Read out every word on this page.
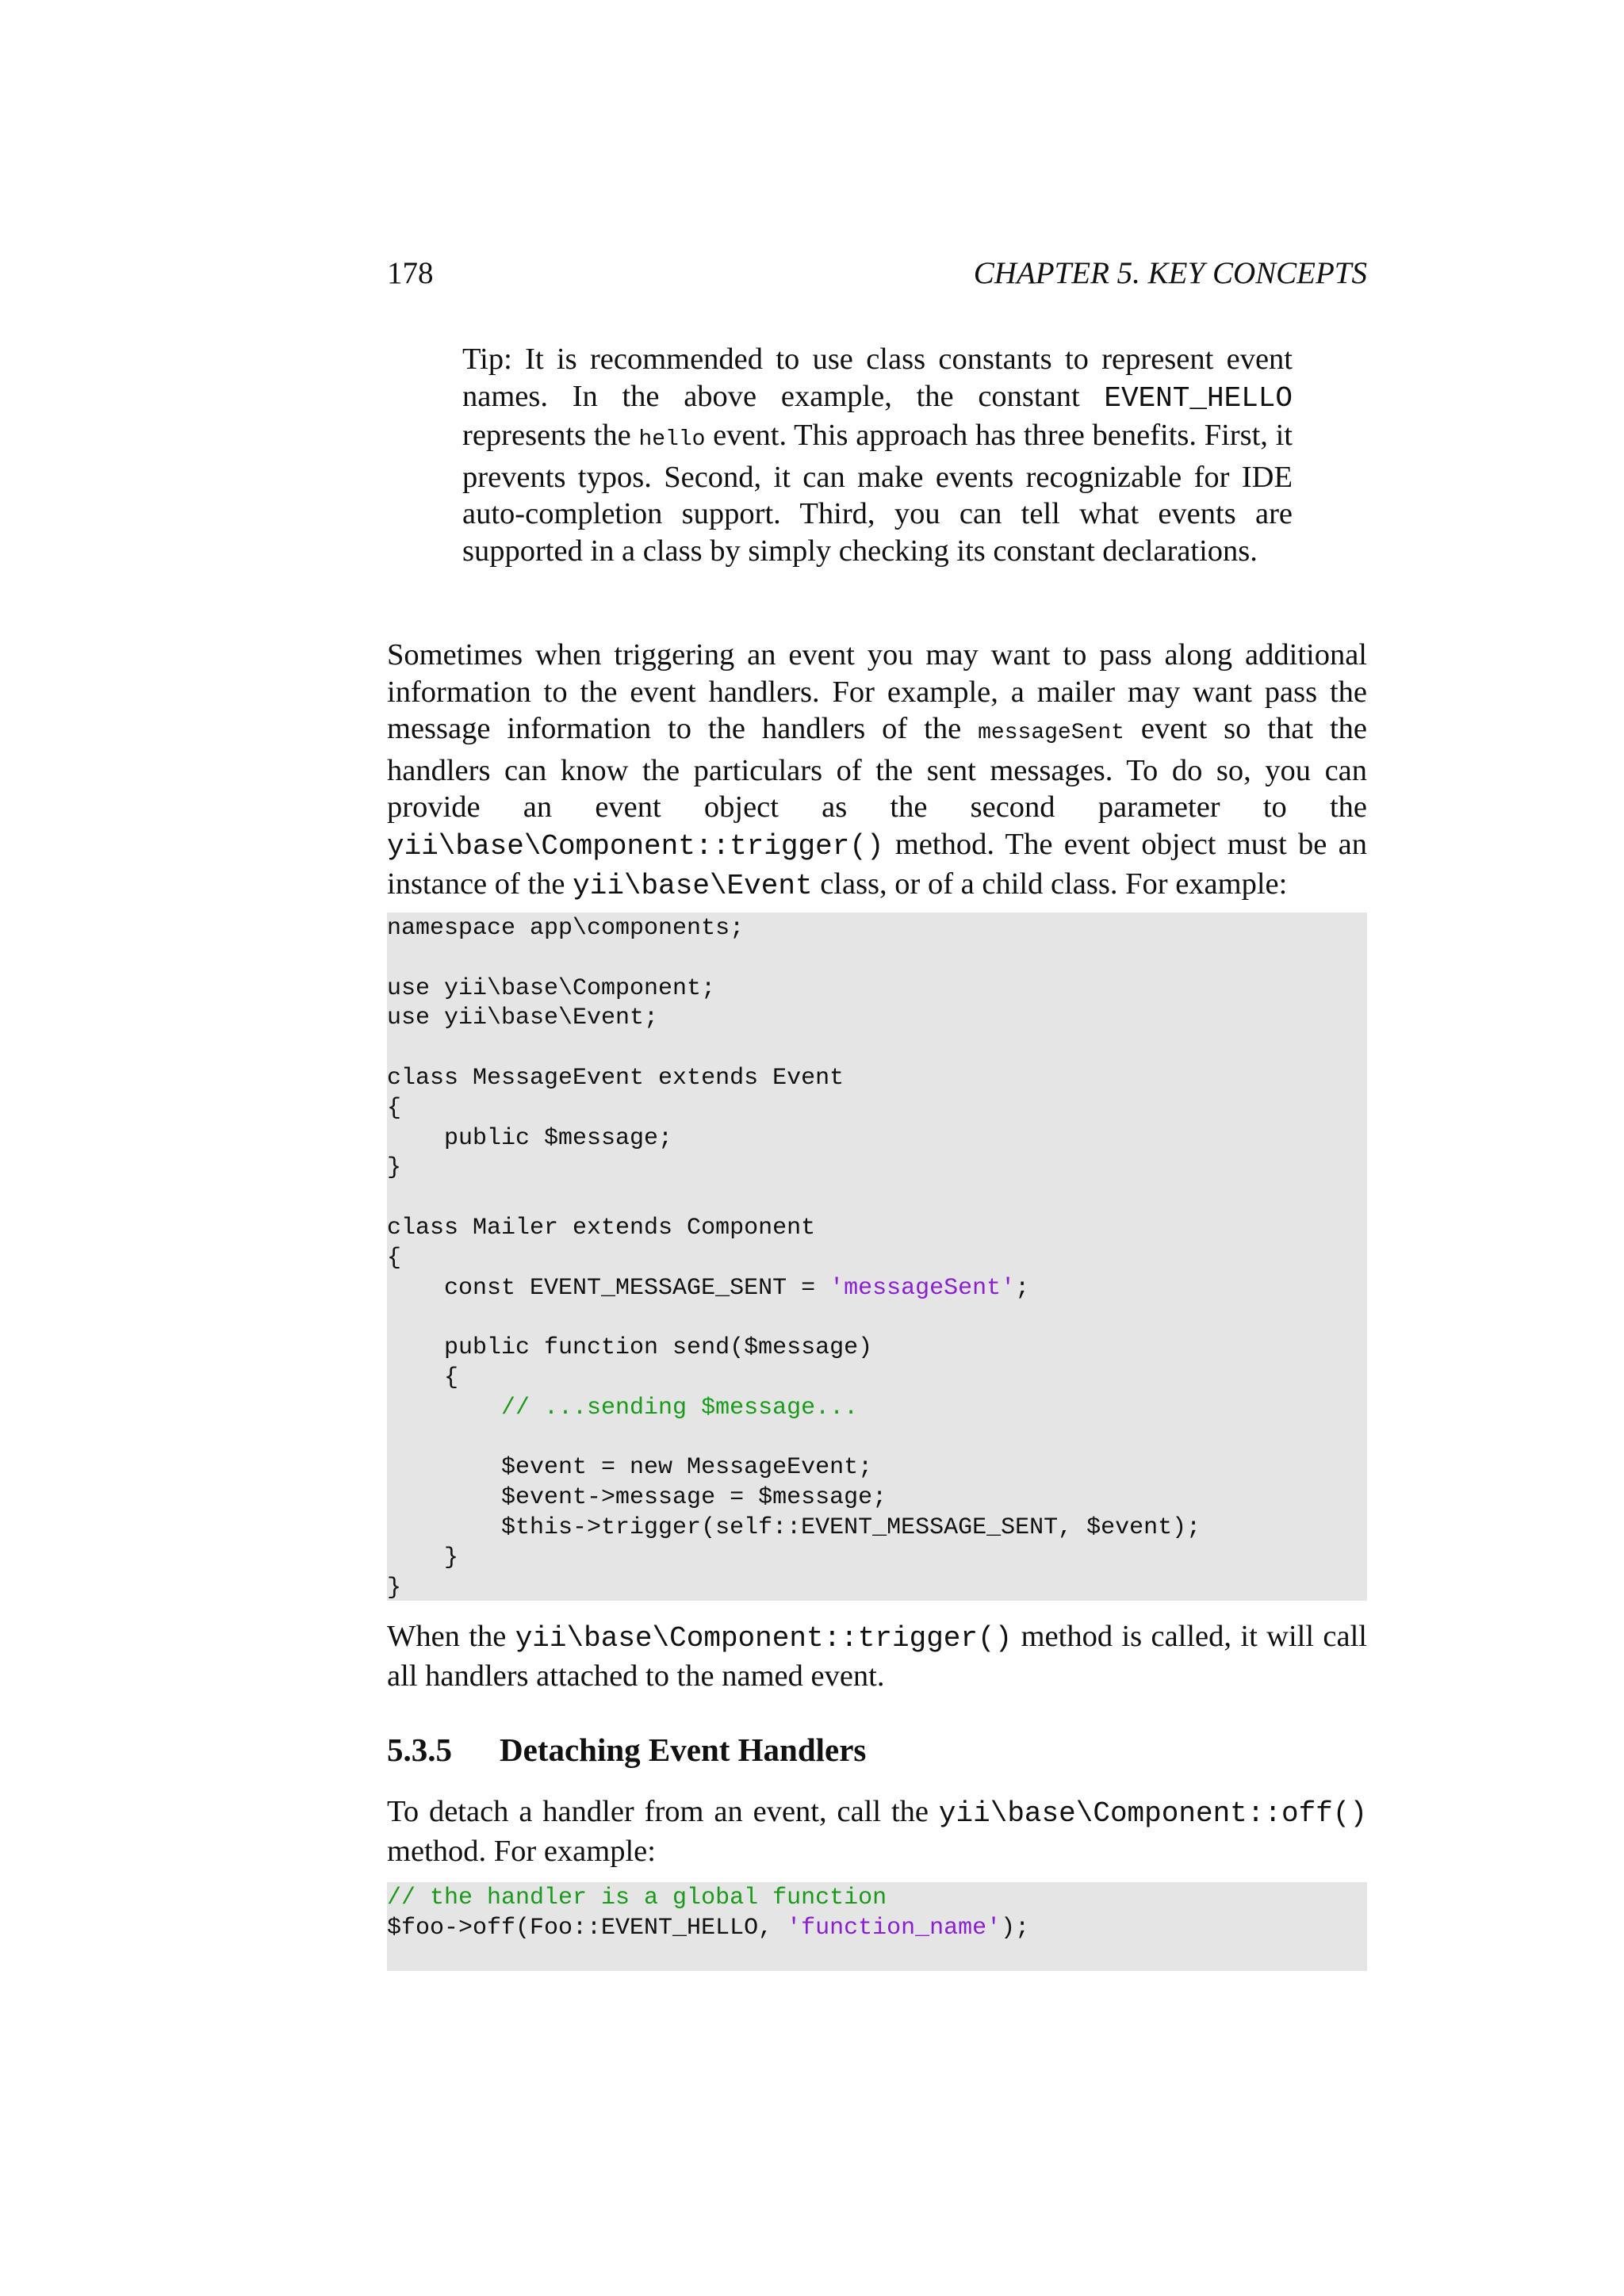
178	CHAPTER 5. KEY CONCEPTS

Tip: It is recommended to use class constants to represent event names. In the above example, the constant EVENT_HELLO represents the hello event. This approach has three benefits. First, it prevents typos. Second, it can make events recognizable for IDE auto-completion support. Third, you can tell what events are supported in a class by simply checking its constant declarations.

Sometimes when triggering an event you may want to pass along additional information to the event handlers. For example, a mailer may want pass the message information to the handlers of the messageSent event so that the handlers can know the particulars of the sent messages. To do so, you can provide an event object as the second parameter to the yii\base\Component::trigger() method. The event object must be an instance of the yii\base\Event class, or of a child class. For example:

namespace app\components;
use yii\base\Component;
use yii\base\Event;
class MessageEvent extends Event
{
public $message;
}
class Mailer extends Component
{
const EVENT_MESSAGE_SENT = 'messageSent';
public function send($message)
{
// ...sending $message...
$event = new MessageEvent;
$event->message = $message;
$this->trigger(self::EVENT_MESSAGE_SENT, $event);
}
}

When the yii\base\Component::trigger() method is called, it will call all handlers attached to the named event.

5.3.5 Detaching Event Handlers

To detach a handler from an event, call the yii\base\Component::off() method. For example:

// the handler is a global function
$foo->off(Foo::EVENT_HELLO, 'function_name');
